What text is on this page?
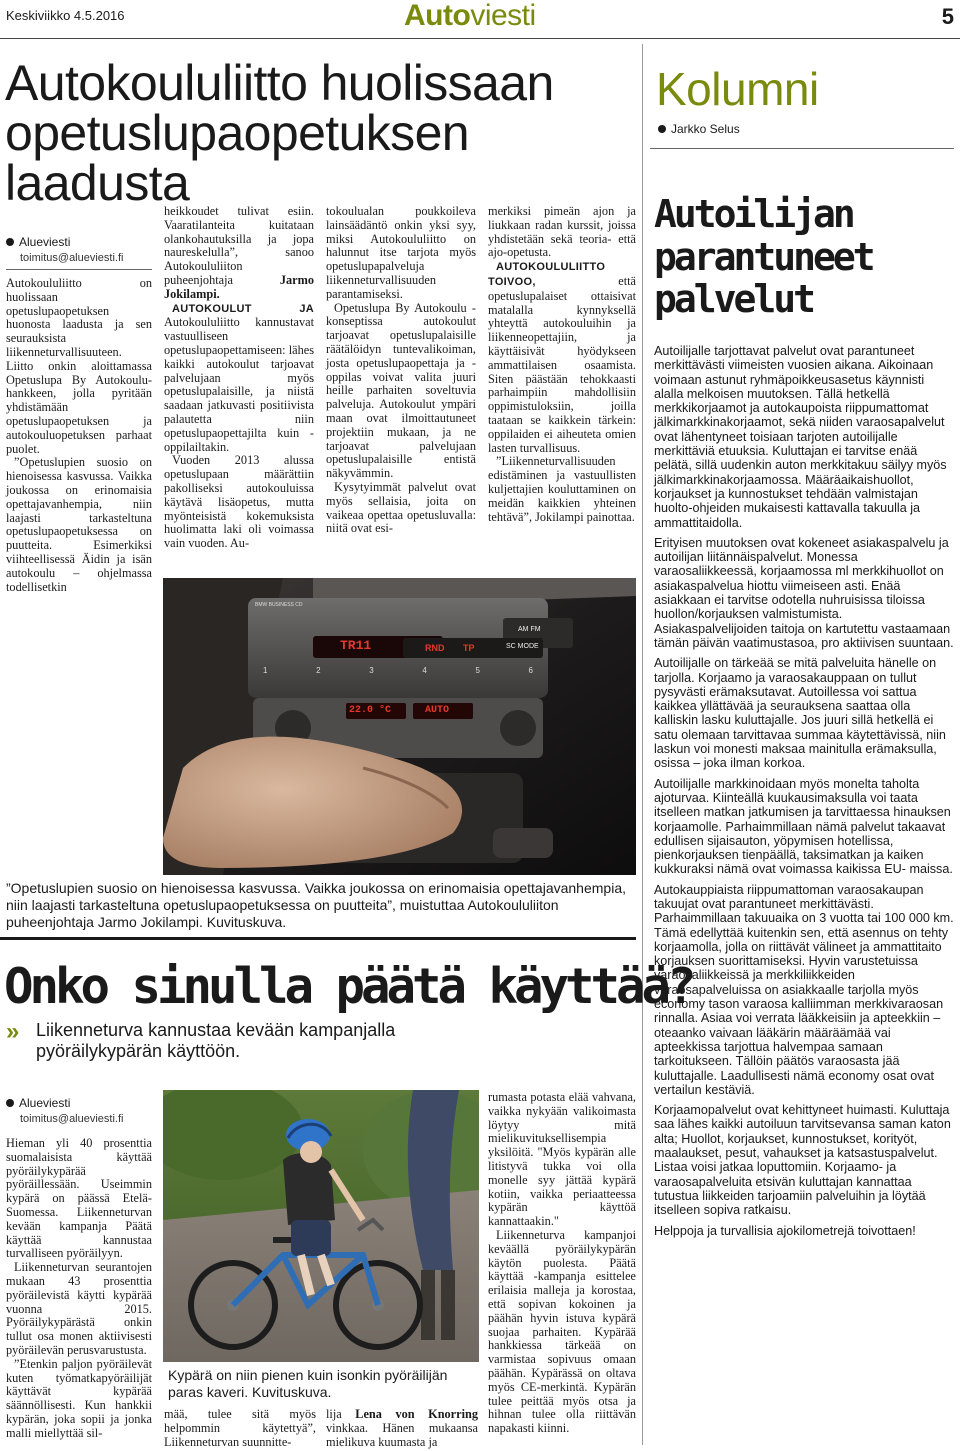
Keskiviikko 4.5.2016	Autoviesti	5
Autokoululiitto huolissaan opetuslupaopetuksen laadusta
Alueviesti
toimitus@alueviesti.fi

Autokoululiitto on huolissaan opetuslupaopetuksen huonosta laadusta ja sen seurauksista liikenneturvallisuuteen. Liitto onkin aloittamassa Opetuslupa By Autokoulu-hankkeen, jolla pyritään yhdistämään opetuslupaopetuksen ja autokouluopetuksen parhaat puolet.

”Opetuslupien suosio on hienoisessa kasvussa. Vaikka joukossa on erinomaisia opettajavanhempia, niin laajasti tarkasteltuna opetuslupaopetuksessa on puutteita. Esimerkiksi viihteellisessä Äidin ja isän autokoulu – ohjelmassa todellisetkin

heikkoudet tulivat esiin. Vaaratilanteita kuitataan olankohautuksilla ja jopa naureskelulla”, sanoo Autokoululiiton puheenjohtaja	Jarmo Jokilampi.

AUTOKOULUT JA Autokoululiitto kannustavat vastuulliseen opetuslupaopettamiseen: lähes kaikki autokoulut tarjoavat palvelujaan myös opetuslupalaisille, ja niistä saadaan jatkuvasti positiivista palautetta niin opetuslupaopettajilta kuin -oppilailtakin.

Vuoden 2013 alussa opetuslupaan määrättiin pakolliseksi autokouluissa käytävä lisäopetus, mutta myönteisistä kokemuksista huolimatta laki oli voimassa vain vuoden. Au-

tokoulualan poukkoileva lainsäädäntö onkin yksi syy, miksi Autokoululiitto on halunnut itse tarjota myös opetuslupapalveluja liikenneturvallisuuden parantamiseksi.

Opetuslupa By Autokoulu -konseptissa autokoulut tarjoavat opetuslupalaisille räätälöidyn tuntevalikoiman, josta opetuslupaopettaja ja -oppilas voivat valita juuri heille parhaiten soveltuvia palveluja. Autokoulut ympäri maan ovat ilmoittautuneet projektiin mukaan, ja ne tarjoavat palvelujaan opetuslupalaisille entistä näkyvämmin.

Kysytyimmät palvelut ovat myös sellaisia, joita on vaikeaa opettaa opetusluvalla: niitä ovat esi-

merkiksi pimeän ajon ja liukkaan radan kurssit, joissa yhdistetään sekä teoria- että ajo-opetusta.

AUTOKOULULIITTO TOIVOO, että opetuslupalaiset ottaisivat matalalla kynnyksellä yhteyttä autokouluihin ja liikenneopettajiin, ja käyttäisivät hyödykseen ammattilaisen osaamista. Siten päästään tehokkaasti parhaimpiin mahdollisiin oppimistuloksiin, joilla taataan se kaikkein tärkein: oppilaiden ei aiheuteta omien lasten turvallisuus.

”Liikenneturvallisuuden edistäminen ja vastuullisten kuljettajien kouluttaminen on meidän kaikkien yhteinen tehtävä”, Jokilampi painottaa.

BMW BUSINESS CD
TR11	RND TP
AM FM
SC MODE
22.0 °C	AUTO
1	2	3	4	5	6
”Opetuslupien suosio on hienoisessa kasvussa. Vaikka joukossa on erinomaisia opettajavanhempia, niin laajasti tarkasteltuna opetuslupaopetuksessa on puutteita”, muistuttaa Autokoululiiton puheenjohtaja Jarmo Jokilampi. Kuvituskuva.
Onko sinulla päätä käyttää?
» Liikenneturva kannustaa kevään kampanjalla pyöräilykypärän käyttöön.
Alueviesti
toimitus@alueviesti.fi

Hieman yli 40 prosenttia suomalaisista käyttää pyöräilykypärää pyöräillessään. Useimmin kypärä on päässä Etelä-Suomessa. Liikenneturvan kevään kampanja Päätä käyttää kannustaa turvalliseen pyöräilyyn.

Liikenneturvan seurantojen mukaan 43 prosenttia pyöräilevistä käytti kypärää vuonna 2015. Pyöräilykypärästä onkin tullut osa monen aktiivisesti pyöräilevän perusvarustusta.

”Etenkin paljon pyöräilevät kuten työmatkapyöräilijät käyttävät kypärää säännöllisesti. Kun hankkii kypärän, joka sopii ja jonka malli miellyttää sil-

Kypärä on niin pienen kuin isonkin pyöräilijän paras kaveri. Kuvituskuva.

mää, tulee sitä myös helpommin käytettyä”, Liikenneturvan suunnitte-

lija Lena von Knorring vinkkaa. Hänen mukaansa mielikuva kuumasta ja

rumasta potasta elää vahvana, vaikka nykyään valikoimasta löytyy mitä mielikuvituksellisempia yksilöitä. "Myös kypärän alle litistyvä tukka voi olla monelle syy jättää kypärä kotiin, vaikka periaatteessa kypärän käyttöä kannattaakin."

Liikenneturva kampanjoi keväällä pyöräilykypärän käytön puolesta. Päätä käyttää -kampanja esittelee erilaisia malleja ja korostaa, että sopivan kokoinen ja päähän hyvin istuva kypärä suojaa parhaiten. Kypärää hankkiessa tärkeää on varmistaa sopivuus omaan päähän. Kypärässä on oltava myös CE-merkintä. Kypärän tulee peittää myös otsa ja hihnan tulee olla riittävän napakasti kiinni.

Kolumni
Jarkko Selus
Autoilijan parantuneet palvelut

Autoilijalle tarjottavat palvelut ovat parantuneet merkittävästi viimeisten vuosien aikana. Aikoinaan voimaan astunut ryhmäpoikkeusasetus käynnisti alalla melkoisen muutoksen. Tällä hetkellä merkkikorjaamot ja autokaupoista riippumattomat jälkimarkkinakorjaamot, sekä niiden varaosapalvelut ovat lähentyneet toisiaan tarjoten autoilijalle merkittäviä etuuksia. Kuluttajan ei tarvitse enää pelätä, sillä uudenkin auton merkkitakuu säilyy myös jälkimarkkinakorjaamossa. Määräaikaishuollot, korjaukset ja kunnostukset tehdään valmistajan huolto-ohjeiden mukaisesti kattavalla takuulla ja ammattitaidolla.

Erityisen muutoksen ovat kokeneet asiakaspalvelu ja autoilijan liitännäispalvelut. Monessa varaosaliikkeessä, korjaamossa ml merkkihuollot on asiakaspalvelua hiottu viimeiseen asti. Enää asiakkaan ei tarvitse odotella nuhruisissa tiloissa huollon/korjauksen valmistumista. Asiakaspalvelijoiden taitoja on kartutettu vastaamaan tämän päivän vaatimustasoa, pro aktiivisen suuntaan.

Autoilijalle on tärkeää se mitä palveluita hänelle on tarjolla. Korjaamo ja varaosakauppaan on tullut pysyvästi erämaksutavat. Autoillessa voi sattua kaikkea yllättävää ja seurauksena saattaa olla kalliskin lasku kuluttajalle. Jos juuri sillä hetkellä ei satu olemaan tarvittavaa summaa käytettävissä, niin laskun voi monesti maksaa mainitulla erämaksulla, osissa – joka ilman korkoa.

Autoilijalle markkinoidaan myös monelta taholta ajoturvaa. Kiinteällä kuukausimaksulla voi taata itselleen matkan jatkumisen ja tarvittaessa hinauksen korjaamolle. Parhaimmillaan nämä palvelut takaavat edullisen sijaisauton, yöpymisen hotellissa, pienkorjauksen tienpäällä, taksimatkan ja kaiken kukkuraksi nämä ovat voimassa kaikissa EU- maissa.

Autokauppiaista riippumattoman varaosakaupan takuujat ovat parantuneet merkittävästi. Parhaimmillaan takuuaika on 3 vuotta tai 100 000 km. Tämä edellyttää kuitenkin sen, että asennus on tehty korjaamolla, jolla on riittävät välineet ja ammattitaito korjauksen suorittamiseksi. Hyvin varustetuissa varaosaliikkeissä ja merkkiliikkeiden varaosapalveluissa on asiakkaalle tarjolla myös economy tason varaosa kalliimman merkkivaraosan rinnalla. Asiaa voi verrata lääkkeisiin ja apteekkiin – oteaanko vaivaan lääkärin määräämää vai apteekkissa tarjottua halvempaa samaan tarkoitukseen. Tällöin päätös varaosasta jää kuluttajalle. Laadullisesti nämä economy osat ovat vertailun kestäviä.

Korjaamopalvelut ovat kehittyneet huimasti. Kuluttaja saa lähes kaikki autoiluun tarvitsevansa saman katon alta; Huollot, korjaukset, kunnostukset, korityöt, maalaukset, pesut, vahaukset ja katsastuspalvelut. Listaa voisi jatkaa loputtomiin. Korjaamo- ja varaosapalveluita etsivän kuluttajan kannattaa tutustua liikkeiden tarjoamiin palveluihin ja löytää itselleen sopiva ratkaisu.

Helppoja ja turvallisia ajokilometrejä toivottaen!
